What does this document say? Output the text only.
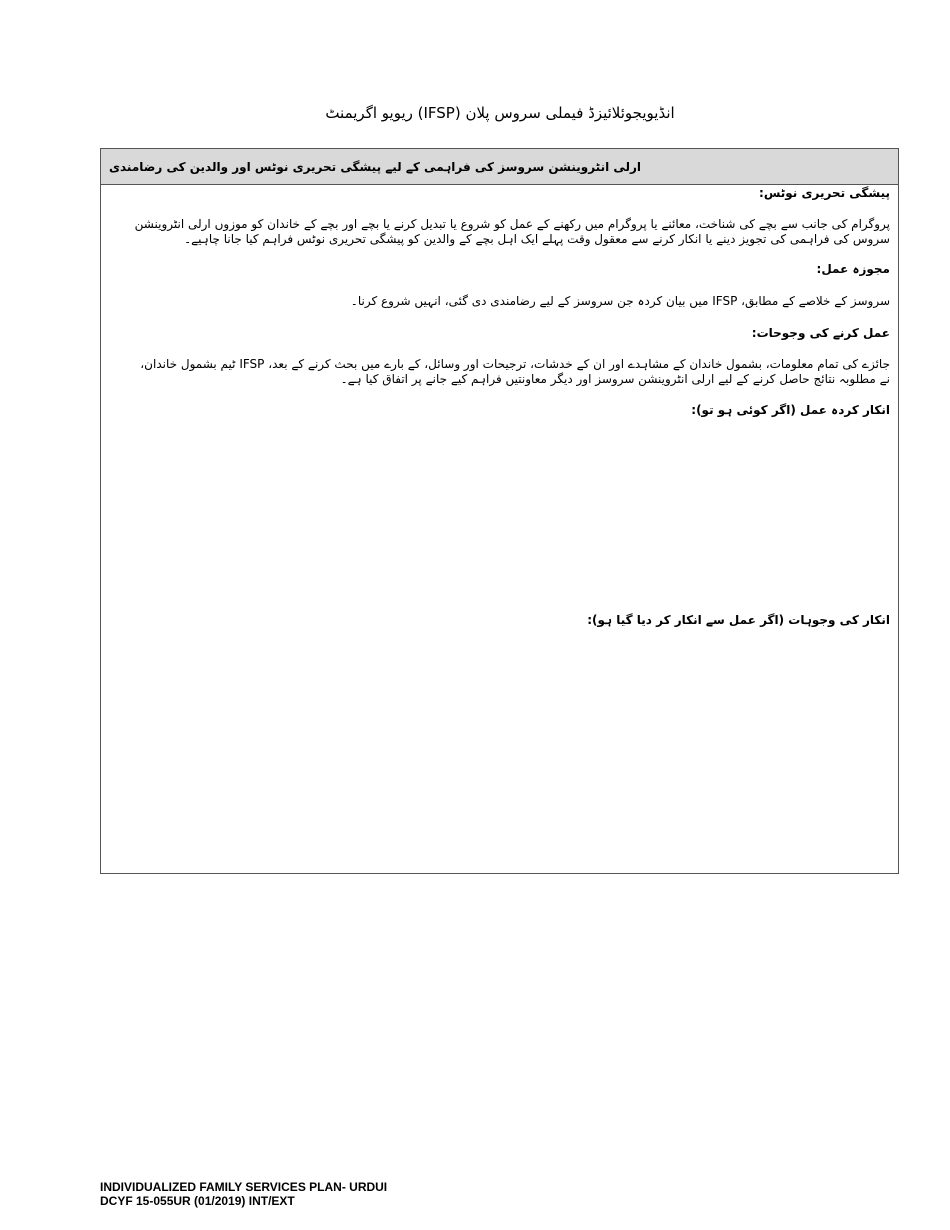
انڈیویجوئلائیزڈ فیملی سروس پلان (IFSP) ریویو اگریمنٹ
ارلی انٹروینشن سروسز کی فراہمی کے لیے پیشگی تحریری نوٹس اور والدین کی رضامندی

پیشگی تحریری نوٹس:

پروگرام کی جانب سے بچے کی شناخت، معائنے یا پروگرام میں رکھنے کے عمل کو شروع یا تبدیل کرنے یا بچے اور بچے کے خاندان کو موزوں ارلی انٹروینشن سروس کی فراہمی کی تجویز دینے یا انکار کرنے سے معقول وقت پہلے ایک اہل بچے کے والدین کو پیشگی تحریری نوٹس فراہم کیا جانا چاہیے۔

مجوزہ عمل:

سروسز کے خلاصے کے مطابق، IFSP میں بیان کردہ جن سروسز کے لیے رضامندی دی گئی، انہیں شروع کرنا۔

عمل کرنے کی وجوحات:

جائزے کی تمام معلومات، بشمول خاندان کے مشاہدے اور ان کے خدشات، ترجیحات اور وسائل، کے بارے میں بحث کرنے کے بعد، IFSP ٹیم بشمول خاندان، نے مطلوبہ نتائج حاصل کرنے کے لیے ارلی انٹروینشن سروسز اور دیگر معاونتیں فراہم کیے جانے پر اتفاق کیا ہے۔

انکار کردہ عمل (اگر کوئی ہو تو):

انکار کی وجوہات (اگر عمل سے انکار کر دیا گیا ہو):

INDIVIDUALIZED FAMILY SERVICES PLAN- URDUI
DCYF 15-055UR (01/2019) INT/EXT
